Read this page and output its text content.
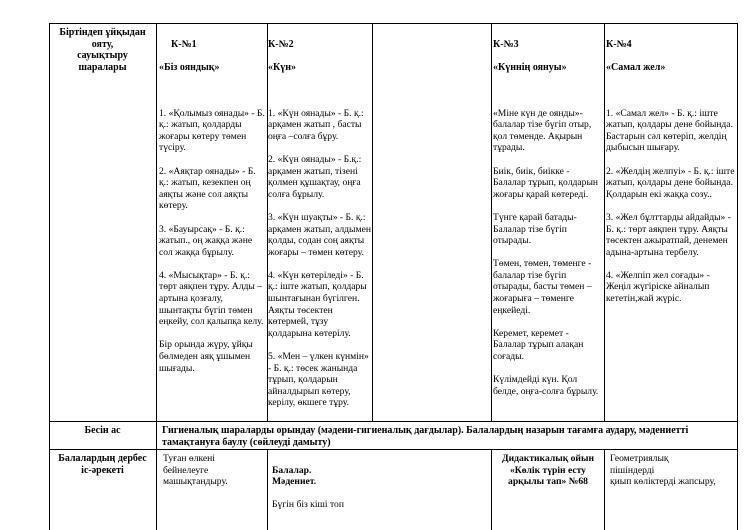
Біртіндеп ұйқыдан
ояту,
сауықтыру
шаралары

К-№1

«Біз ояндық»

1. «Қолымыз оянады» - Б. қ.: жатып, қолдарды жоғары көтеру төмен түсіру.

2. «Аяқтар оянады» - Б. қ.: жатып, кезекпен оң аяқты және сол аяқты көтеру.

3. «Бауырсақ» - Б. қ.: жатып., оң жаққа және сол жаққа бұрылу.

4. «Мысықтар» - Б. қ.: төрт аяқпен тұру. Алды –артына қозғалу, шынтақты бүгіп төмен еңкейу, сол қалыпқа келу.

Бір орында жүру, ұйқы бөлмеден аяқ ұшымен шығады.

К-№2

«Күн»

1. «Күн оянады» - Б. қ.: арқамен жатып , басты оңға –солға бұру.

2. «Күн оянады» - Б.қ.: арқамен жатып, тізені қолмен құшақтау, оңға солға бұрылу.

3. «Күн шуақты» - Б. қ.: арқамен жатып, алдымен қолды, содан соң аяқты жоғары – төмен көтеру.

4. «Күн көтеріледі» - Б. қ.: іште жатып, қолдары шынтағынан бүгілген. Аяқты төсектен көтермей, тұзу қолдарына көтерілу.

5. «Мен – үлкен күнмін» - Б. қ.: төсек жанында тұрып, қолдарын айналдырып көтеру, керілу, өкшеге тұру.

К-№3

«Күннің оянуы»

«Міне күн де оянды»- балалар тізе бүгіп отыр, қол төменде. Ақырын тұрады.

Биік, биік, биікке - Балалар тұрып, қолдарын жоғары қарай көтереді.

Түнге қарай батады- Балалар тізе бүгіп отырады.

Төмен, төмен, төменге - балалар тізе бүгіп отырады, басты төмен – жоғарыға – төменге еңкейеді.

Керемет, керемет - Балалар тұрып алақан соғады.

Күлімдейді күн. Қол белде, оңға-солға бұрылу.

К-№4

«Самал жел»

1. «Самал жел» - Б. қ.: іште жатып, қолдары дене бойында. Бастарын сәл көтеріп, желдің дыбысын шығару.

2. «Желдің желпуі» - Б. қ.: іште жатып, қолдары дене бойында. Қолдарын екі жаққа созу..

3. «Жел бұлттарды айдайды» - Б. қ.: төрт аяқпен тұру. Аяқты төсектен ажыратпай, денемен адына-артына тербелу.

4. «Желпіп жел соғады» - Жеңіл жүгіріске айналып кететін,жай жүріс.

Бесін ас	Гигиеналық шараларды орындау (мәдени-гигиеналық дағдылар). Балалардың назарын тағамға аудару, мәдениетті тамақтануға баулу (сөйлеудi дамыту)
Балалардың дербес
іс-әрекеті
Туған өлкені
бейнелеуге
машықтандыру.

Балалар.
Мәдениет.

Бүгін біз кіші топ

Дидактикалық ойын
«Көлік түрін есту
арқылы тап» №68
Геометриялық
пішіндерді
қиып көліктерді жапсыру,
